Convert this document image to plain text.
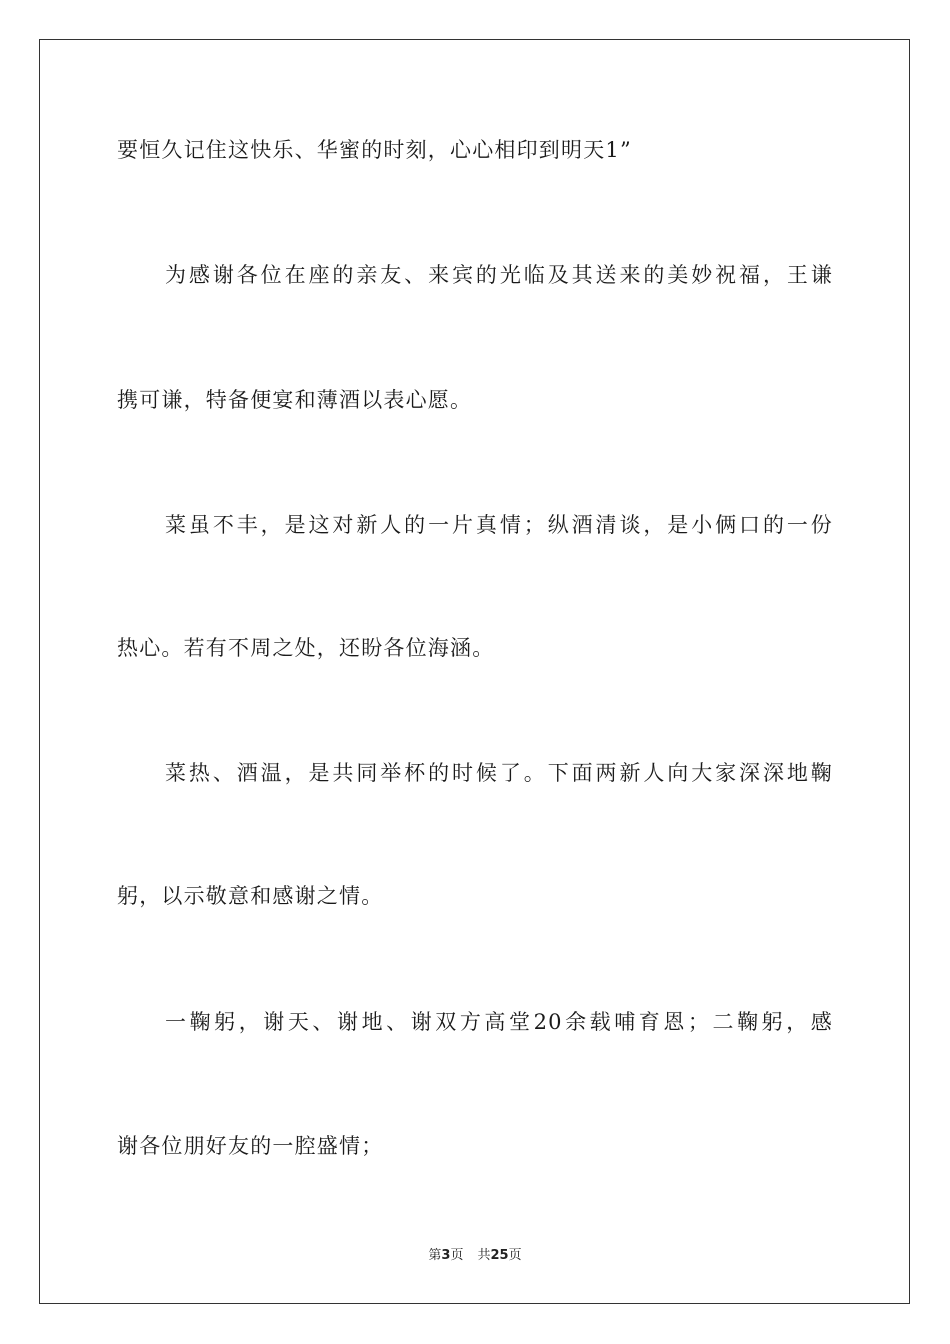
要恒久记住这快乐、华蜜的时刻，心心相印到明天1”
为感谢各位在座的亲友、来宾的光临及其送来的美妙祝福，王谦
携可谦，特备便宴和薄酒以表心愿。
菜虽不丰，是这对新人的一片真情；纵酒清谈，是小俩口的一份
热心。若有不周之处，还盼各位海涵。
菜热、酒温，是共同举杯的时候了。下面两新人向大家深深地鞠
躬，以示敬意和感谢之情。
一鞠躬，谢天、谢地、谢双方高堂20余载哺育恩；二鞠躬，感
谢各位朋好友的一腔盛情；
第3页 共25页
